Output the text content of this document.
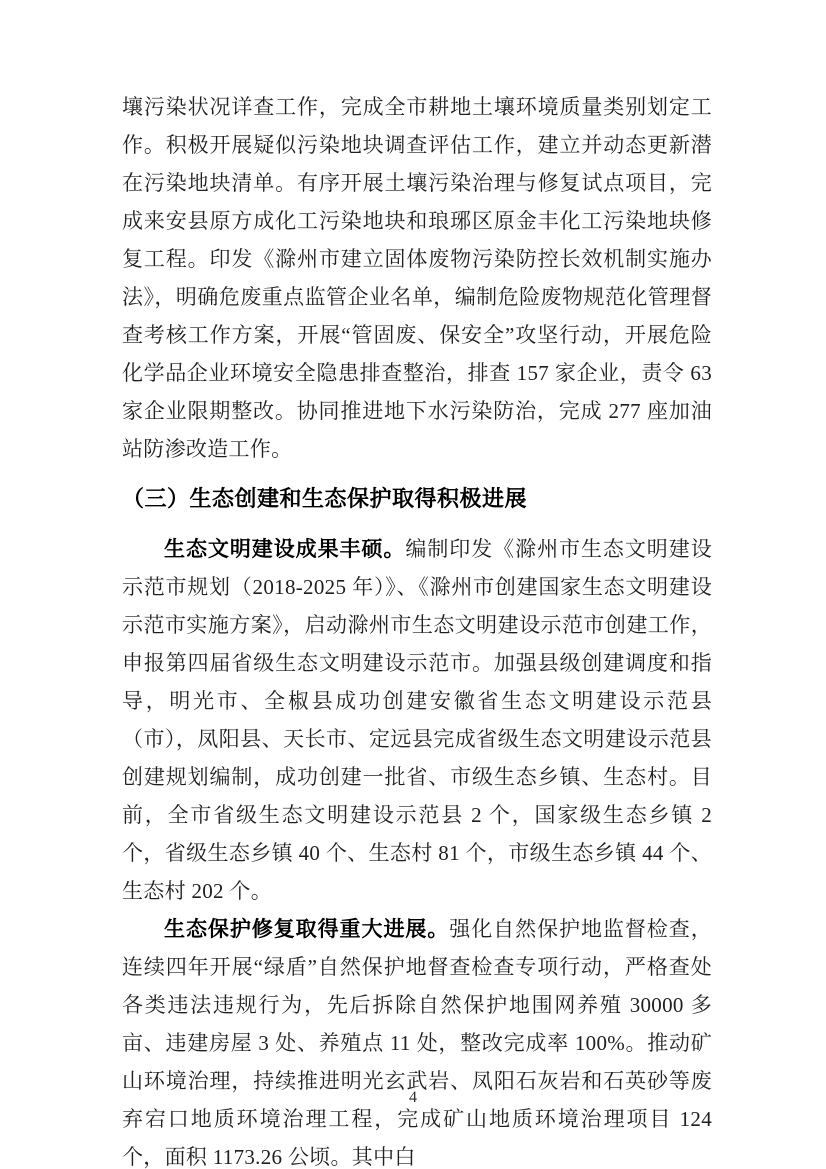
壤污染状况详查工作，完成全市耕地土壤环境质量类别划定工作。积极开展疑似污染地块调查评估工作，建立并动态更新潜在污染地块清单。有序开展土壤污染治理与修复试点项目，完成来安县原方成化工污染地块和琅琊区原金丰化工污染地块修复工程。印发《滁州市建立固体废物污染防控长效机制实施办法》，明确危废重点监管企业名单，编制危险废物规范化管理督查考核工作方案，开展“管固废、保安全”攻坚行动，开展危险化学品企业环境安全隐患排查整治，排查 157 家企业，责令 63 家企业限期整改。协同推进地下水污染防治，完成 277 座加油站防渗改造工作。

（三）生态创建和生态保护取得积极进展

生态文明建设成果丰硕。编制印发《滁州市生态文明建设示范市规划（2018-2025 年）》、《滁州市创建国家生态文明建设示范市实施方案》，启动滁州市生态文明建设示范市创建工作，申报第四届省级生态文明建设示范市。加强县级创建调度和指导，明光市、全椒县成功创建安徽省生态文明建设示范县（市），凤阳县、天长市、定远县完成省级生态文明建设示范县创建规划编制，成功创建一批省、市级生态乡镇、生态村。目前，全市省级生态文明建设示范县 2 个，国家级生态乡镇 2 个，省级生态乡镇 40 个、生态村 81 个，市级生态乡镇 44 个、生态村 202 个。

生态保护修复取得重大进展。强化自然保护地监督检查，连续四年开展“绿盾”自然保护地督查检查专项行动，严格查处各类违法违规行为，先后拆除自然保护地围网养殖 30000 多亩、违建房屋 3 处、养殖点 11 处，整改完成率 100%。推动矿山环境治理，持续推进明光玄武岩、凤阳石灰岩和石英砂等废弃宕口地质环境治理工程，完成矿山地质环境治理项目 124 个，面积 1173.26 公顷。其中白

4
